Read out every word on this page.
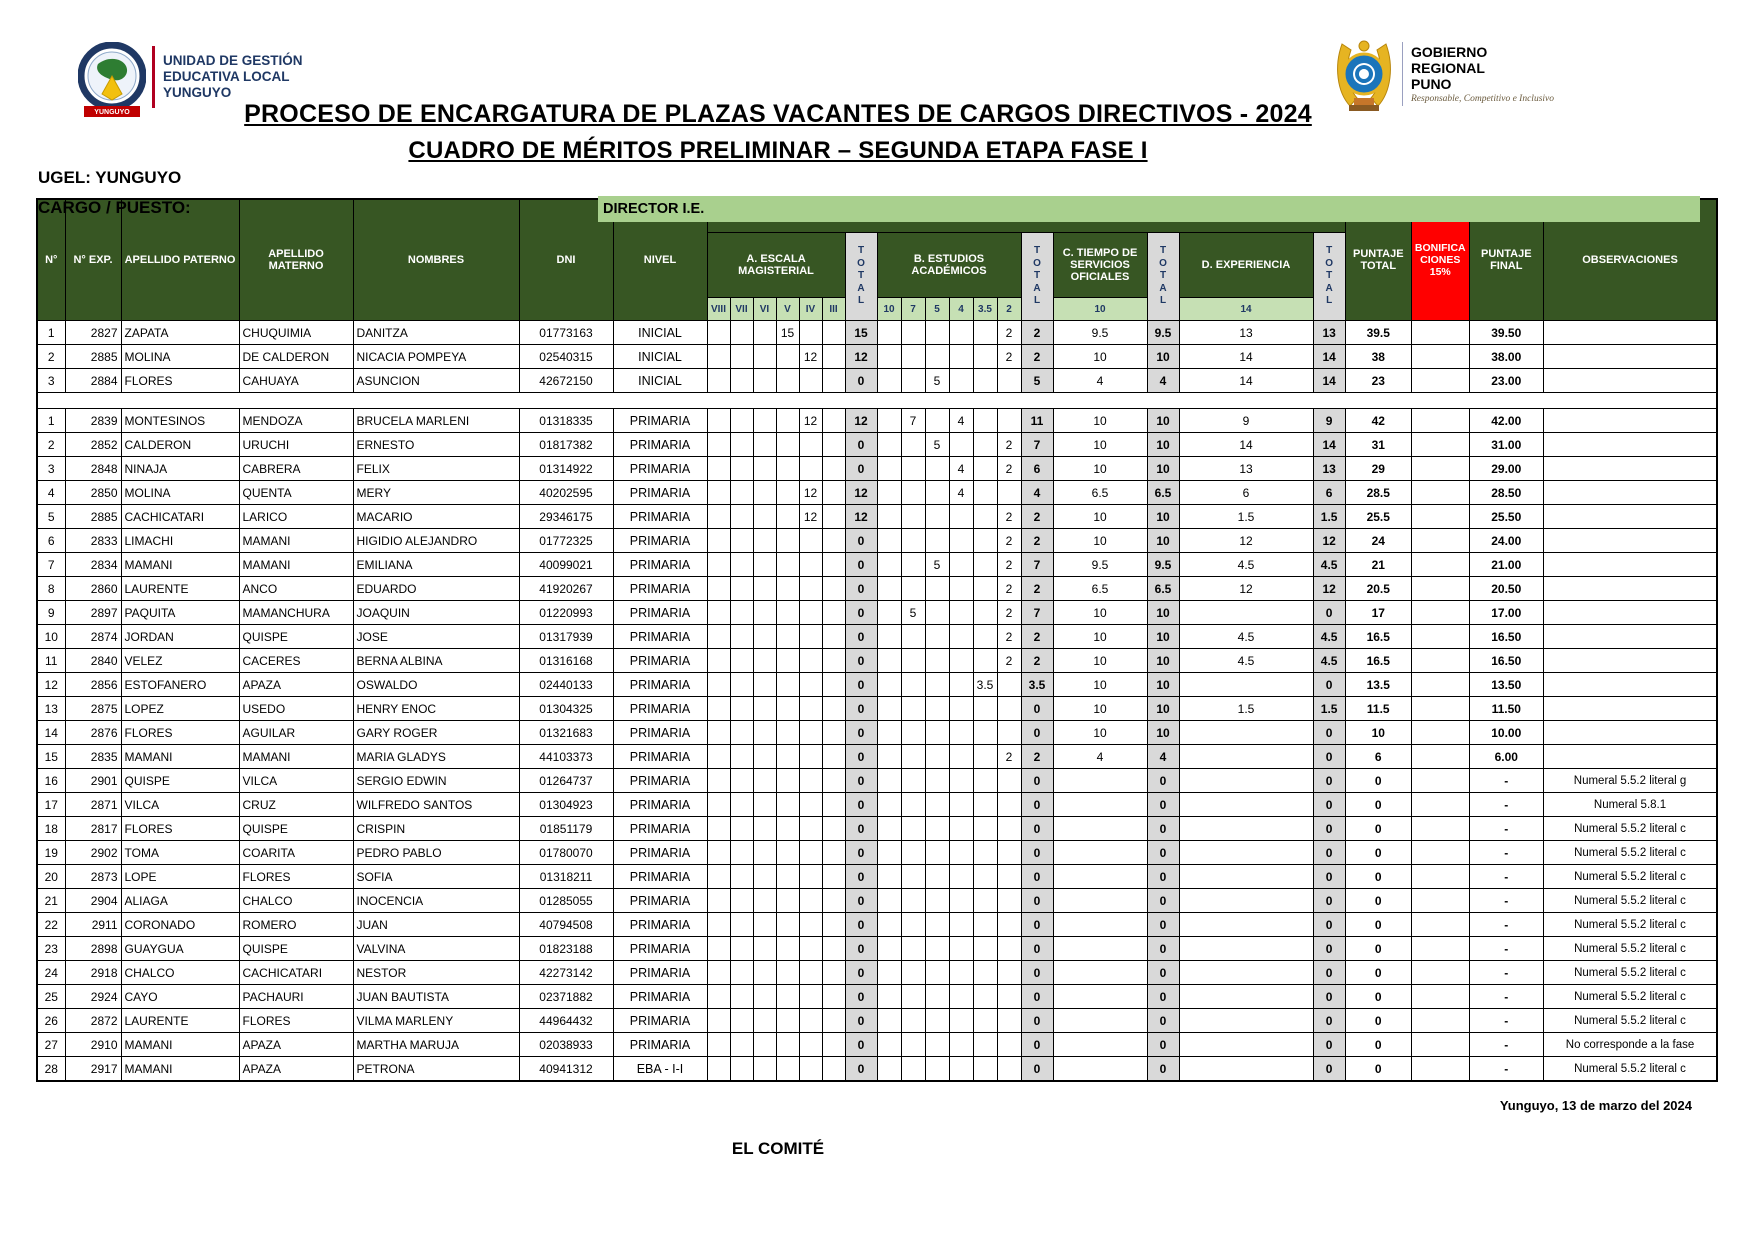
YUNGUYO
UNIDAD DE GESTIÓN
EDUCATIVA LOCAL
YUNGUYO
GOBIERNO
REGIONAL
PUNO
Responsable, Competitivo e Inclusivo
PROCESO DE ENCARGATURA DE PLAZAS VACANTES DE CARGOS DIRECTIVOS - 2024
CUADRO DE MÉRITOS PRELIMINAR – SEGUNDA ETAPA FASE I
UGEL: YUNGUYO
CARGO / PUESTO:	DIRECTOR I.E.
N°	N° EXP.	APELLIDO PATERNO	APELLIDO MATERNO	NOMBRES	DNI	NIVEL																			PUNTAJE TOTAL	BONIFICA CIONES 15%	PUNTAJE FINAL	OBSERVACIONES
							A. ESCALA MAGISTERIAL						TOTAL	B. ESTUDIOS ACADÉMICOS						TOTAL	C. TIEMPO DE SERVICIOS OFICIALES	TOTAL	D. EXPERIENCIA	TOTAL				
							VIII	VII	VI	V	IV	III		10	7	5	4	3.5	2		10		14					
1	2827	ZAPATA	CHUQUIMIA	DANITZA	01773163	INICIAL				15			15						2	2	9.5	9.5	13	13	39.5		39.50	
2	2885	MOLINA	DE CALDERON	NICACIA POMPEYA	02540315	INICIAL					12		12						2	2	10	10	14	14	38		38.00	
3	2884	FLORES	CAHUAYA	ASUNCION	42672150	INICIAL							0			5				5	4	4	14	14	23		23.00	

1	2839	MONTESINOS	MENDOZA	BRUCELA MARLENI	01318335	PRIMARIA					12		12		7		4			11	10	10	9	9	42		42.00	
2	2852	CALDERON	URUCHI	ERNESTO	01817382	PRIMARIA							0			5			2	7	10	10	14	14	31		31.00	
3	2848	NINAJA	CABRERA	FELIX	01314922	PRIMARIA							0				4		2	6	10	10	13	13	29		29.00	
4	2850	MOLINA	QUENTA	MERY	40202595	PRIMARIA					12		12				4			4	6.5	6.5	6	6	28.5		28.50	
5	2885	CACHICATARI	LARICO	MACARIO	29346175	PRIMARIA					12		12						2	2	10	10	1.5	1.5	25.5		25.50	
6	2833	LIMACHI	MAMANI	HIGIDIO ALEJANDRO	01772325	PRIMARIA							0						2	2	10	10	12	12	24		24.00	
7	2834	MAMANI	MAMANI	EMILIANA	40099021	PRIMARIA							0			5			2	7	9.5	9.5	4.5	4.5	21		21.00	
8	2860	LAURENTE	ANCO	EDUARDO	41920267	PRIMARIA							0						2	2	6.5	6.5	12	12	20.5		20.50	
9	2897	PAQUITA	MAMANCHURA	JOAQUIN	01220993	PRIMARIA							0		5				2	7	10	10		0	17		17.00	
10	2874	JORDAN	QUISPE	JOSE	01317939	PRIMARIA							0						2	2	10	10	4.5	4.5	16.5		16.50	
11	2840	VELEZ	CACERES	BERNA ALBINA	01316168	PRIMARIA							0						2	2	10	10	4.5	4.5	16.5		16.50	
12	2856	ESTOFANERO	APAZA	OSWALDO	02440133	PRIMARIA							0					3.5		3.5	10	10		0	13.5		13.50	
13	2875	LOPEZ	USEDO	HENRY ENOC	01304325	PRIMARIA							0							0	10	10	1.5	1.5	11.5		11.50	
14	2876	FLORES	AGUILAR	GARY ROGER	01321683	PRIMARIA							0							0	10	10		0	10		10.00	
15	2835	MAMANI	MAMANI	MARIA GLADYS	44103373	PRIMARIA							0						2	2	4	4		0	6		6.00	
16	2901	QUISPE	VILCA	SERGIO EDWIN	01264737	PRIMARIA							0							0		0		0	0		-	Numeral 5.5.2 literal g
17	2871	VILCA	CRUZ	WILFREDO SANTOS	01304923	PRIMARIA							0							0		0		0	0		-	Numeral 5.8.1
18	2817	FLORES	QUISPE	CRISPIN	01851179	PRIMARIA							0							0		0		0	0		-	Numeral 5.5.2 literal c
19	2902	TOMA	COARITA	PEDRO PABLO	01780070	PRIMARIA							0							0		0		0	0		-	Numeral 5.5.2 literal c
20	2873	LOPE	FLORES	SOFIA	01318211	PRIMARIA							0							0		0		0	0		-	Numeral 5.5.2 literal c
21	2904	ALIAGA	CHALCO	INOCENCIA	01285055	PRIMARIA							0							0		0		0	0		-	Numeral 5.5.2 literal c
22	2911	CORONADO	ROMERO	JUAN	40794508	PRIMARIA							0							0		0		0	0		-	Numeral 5.5.2 literal c
23	2898	GUAYGUA	QUISPE	VALVINA	01823188	PRIMARIA							0							0		0		0	0		-	Numeral 5.5.2 literal c
24	2918	CHALCO	CACHICATARI	NESTOR	42273142	PRIMARIA							0							0		0		0	0		-	Numeral 5.5.2 literal c
25	2924	CAYO	PACHAURI	JUAN BAUTISTA	02371882	PRIMARIA							0							0		0		0	0		-	Numeral 5.5.2 literal c
26	2872	LAURENTE	FLORES	VILMA MARLENY	44964432	PRIMARIA							0							0		0		0	0		-	Numeral 5.5.2 literal c
27	2910	MAMANI	APAZA	MARTHA MARUJA	02038933	PRIMARIA							0							0		0		0	0		-	No corresponde a la fase
28	2917	MAMANI	APAZA	PETRONA	40941312	EBA - I-I							0							0		0		0	0		-	Numeral 5.5.2 literal c
Yunguyo, 13 de marzo del 2024
EL COMITÉ
